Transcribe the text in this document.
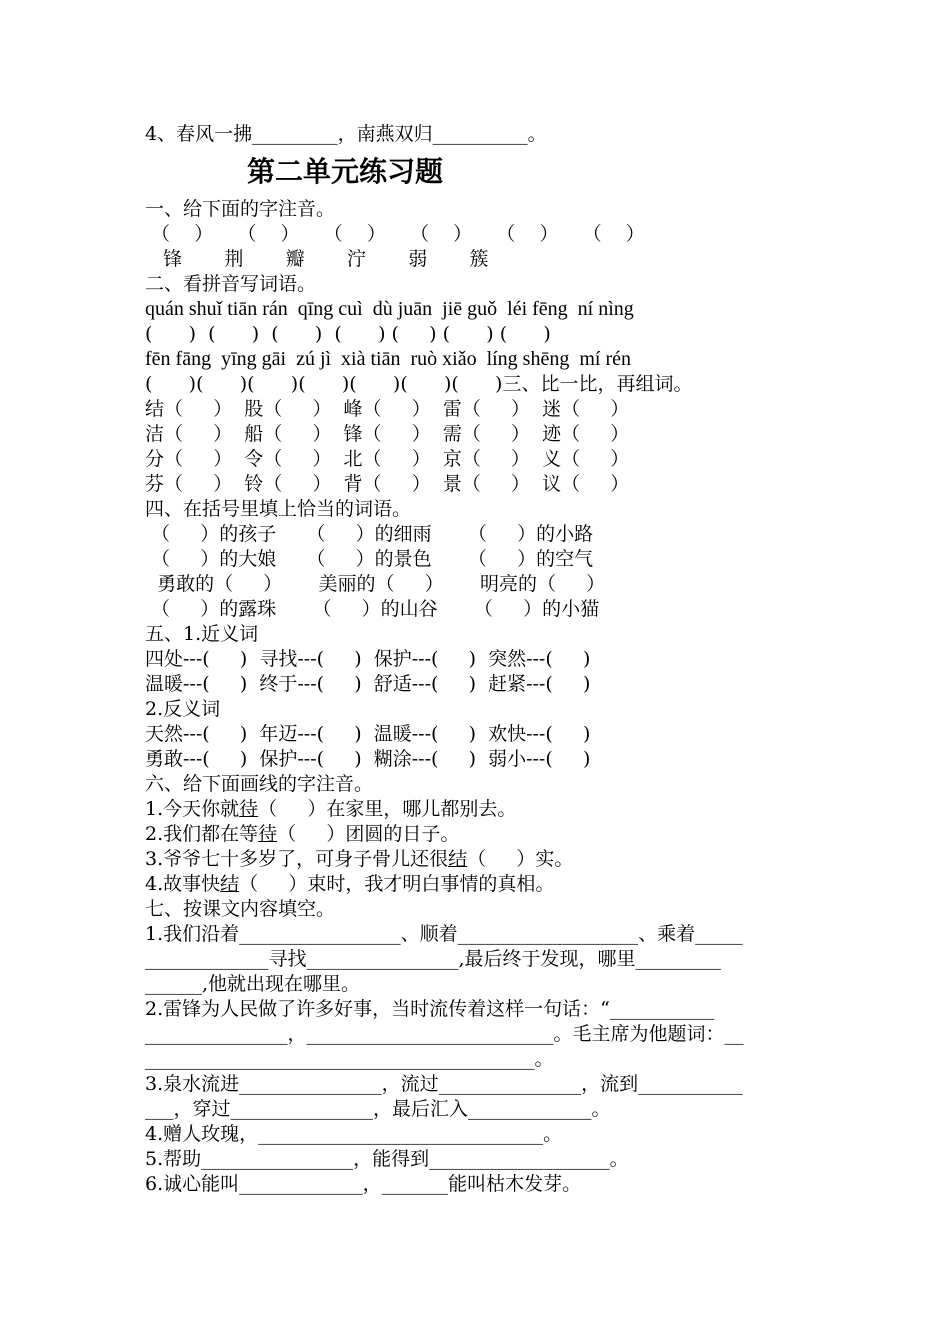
4、春风一拂_________，南燕双归__________。
第二单元练习题
一、给下面的字注音。
（    ）    （    ）    （    ）    （    ）    （    ）    （    ）
锋       荆       瓣       泞       弱       簇
二、看拼音写词语。
quán shuǐ tiān rán  qīng cuì  dù juān  jiē guǒ  léi fēng  ní nìng
(      )  (      )  (      )  (      ) (     ) (      ) (      )
fēn fāng  yīng gāi  zú jì  xià tiān  ruò xiǎo  líng shēng  mí rén
(      )(      )(      )(      )(      )(      )(      )三、比一比，再组词。
结（     ）  股（     ）  峰（     ）  雷（     ）  迷（     ）
洁（     ）  船（     ）  锋（     ）  需（     ）  迹（     ）
分（     ）  令（     ）  北（     ）  京（     ）  义（     ）
芬（     ）  铃（     ）  背（     ）  景（     ）  议（     ）
四、在括号里填上恰当的词语。
（     ）的孩子     （     ）的细雨      （     ）的小路
（     ）的大娘     （     ）的景色      （     ）的空气
勇敢的（     ）      美丽的（     ）      明亮的（     ）
（     ）的露珠      （     ）的山谷      （     ）的小猫
五、1.近义词
四处---(     )  寻找---(     )  保护---(     )  突然---(     )
温暖---(     )  终于---(     )  舒适---(     )  赶紧---(     )
2.反义词
天然---(     )  年迈---(     )  温暖---(     )  欢快---(     )
勇敢---(     )  保护---(     )  糊涂---(     )  弱小---(     )
六、给下面画线的字注音。
1.今天你就待（     ）在家里，哪儿都别去。
2.我们都在等待（     ）团圆的日子。
3.爷爷七十多岁了，可身子骨儿还很结（     ）实。
4.故事快结（     ）束时，我才明白事情的真相。
七、按课文内容填空。
1.我们沿着_________________、顺着___________________、乘着_____
_____________寻找________________,最后终于发现，哪里_________
______,他就出现在哪里。
2.雷锋为人民做了许多好事，当时流传着这样一句话：“___________
_______________，__________________________。毛主席为他题词：__
_________________________________________。
3.泉水流进_______________，流过_______________，流到___________
___，穿过_______________，最后汇入_____________。
4.赠人玫瑰，______________________________。
5.帮助________________，能得到___________________。
6.诚心能叫_____________，_______能叫枯木发芽。
